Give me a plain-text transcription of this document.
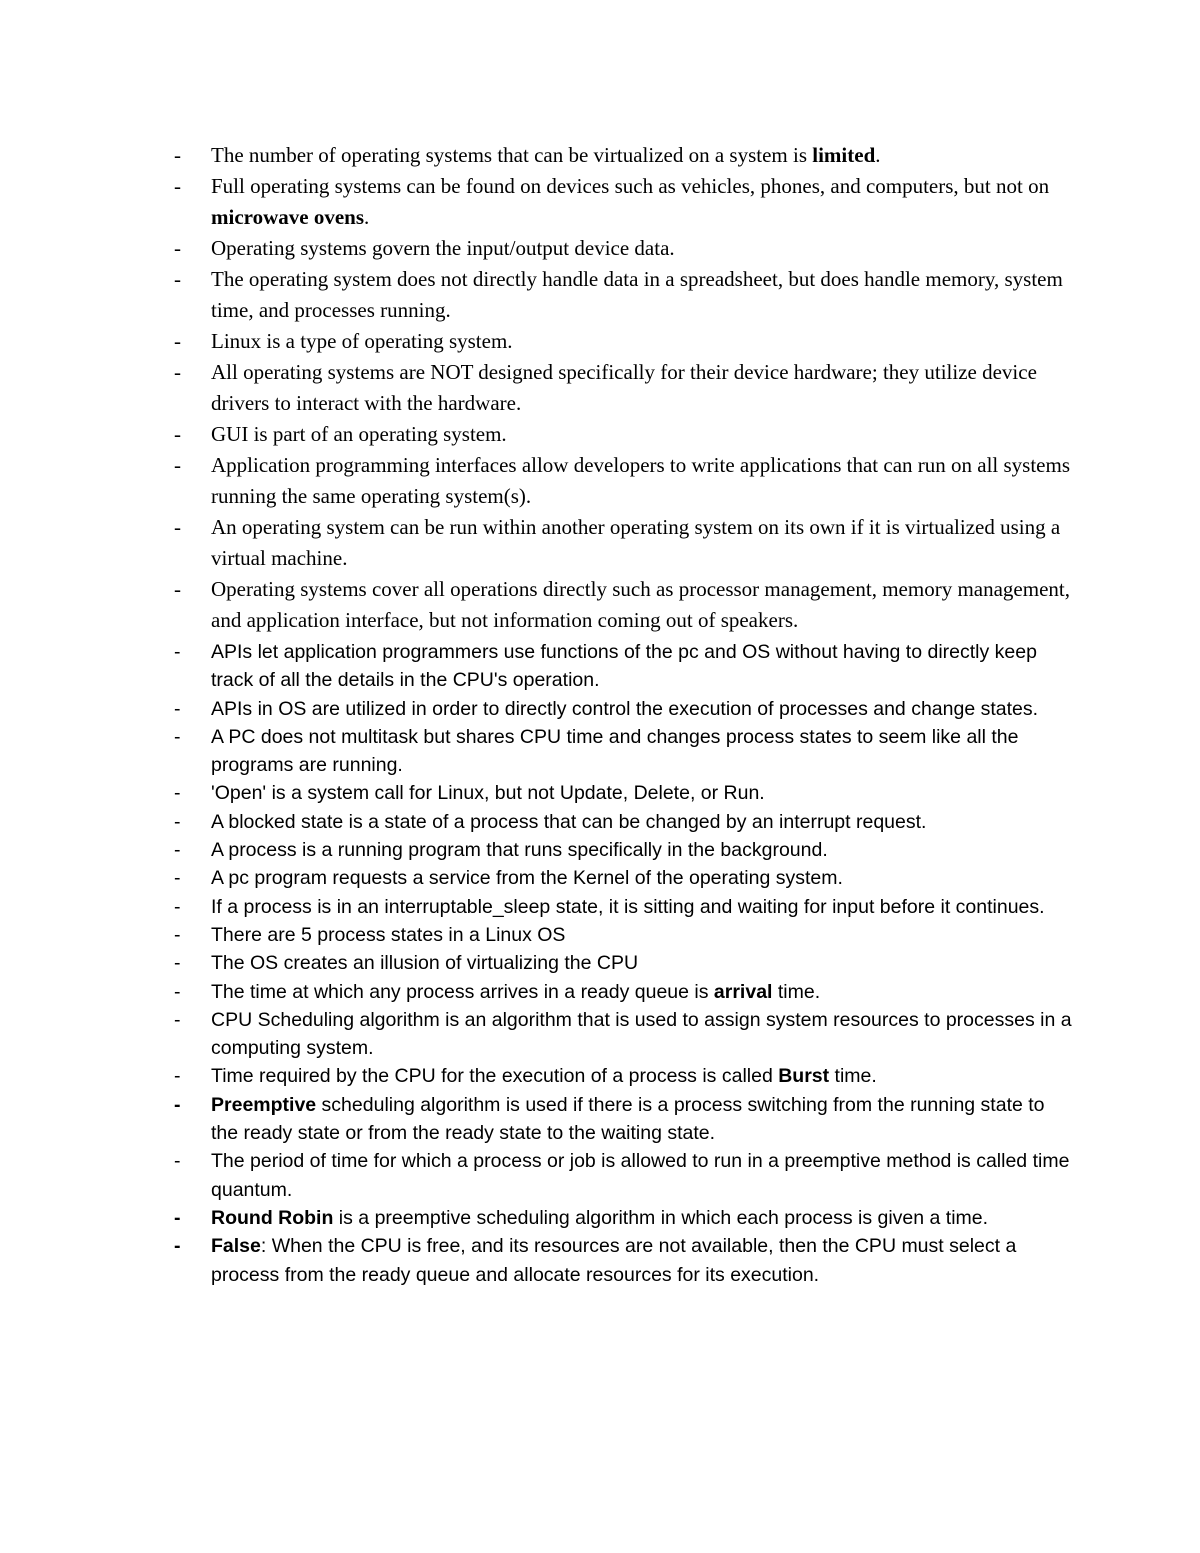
- The number of operating systems that can be virtualized on a system is limited.
- Full operating systems can be found on devices such as vehicles, phones, and computers, but not on microwave ovens.
- Operating systems govern the input/output device data.
- The operating system does not directly handle data in a spreadsheet, but does handle memory, system time, and processes running.
- Linux is a type of operating system.
- All operating systems are NOT designed specifically for their device hardware; they utilize device drivers to interact with the hardware.
- GUI is part of an operating system.
- Application programming interfaces allow developers to write applications that can run on all systems running the same operating system(s).
- An operating system can be run within another operating system on its own if it is virtualized using a virtual machine.
- Operating systems cover all operations directly such as processor management, memory management, and application interface, but not information coming out of speakers.
- APIs let application programmers use functions of the pc and OS without having to directly keep track of all the details in the CPU's operation.
- APIs in OS are utilized in order to directly control the execution of processes and change states.
- A PC does not multitask but shares CPU time and changes process states to seem like all the programs are running.
- 'Open' is a system call for Linux, but not Update, Delete, or Run.
- A blocked state is a state of a process that can be changed by an interrupt request.
- A process is a running program that runs specifically in the background.
- A pc program requests a service from the Kernel of the operating system.
- If a process is in an interruptable_sleep state, it is sitting and waiting for input before it continues.
- There are 5 process states in a Linux OS
- The OS creates an illusion of virtualizing the CPU
- The time at which any process arrives in a ready queue is arrival time.
- CPU Scheduling algorithm is an algorithm that is used to assign system resources to processes in a computing system.
- Time required by the CPU for the execution of a process is called Burst time.
- Preemptive scheduling algorithm is used if there is a process switching from the running state to the ready state or from the ready state to the waiting state.
- The period of time for which a process or job is allowed to run in a preemptive method is called time quantum.
- Round Robin is a preemptive scheduling algorithm in which each process is given a time.
- False: When the CPU is free, and its resources are not available, then the CPU must select a process from the ready queue and allocate resources for its execution.
